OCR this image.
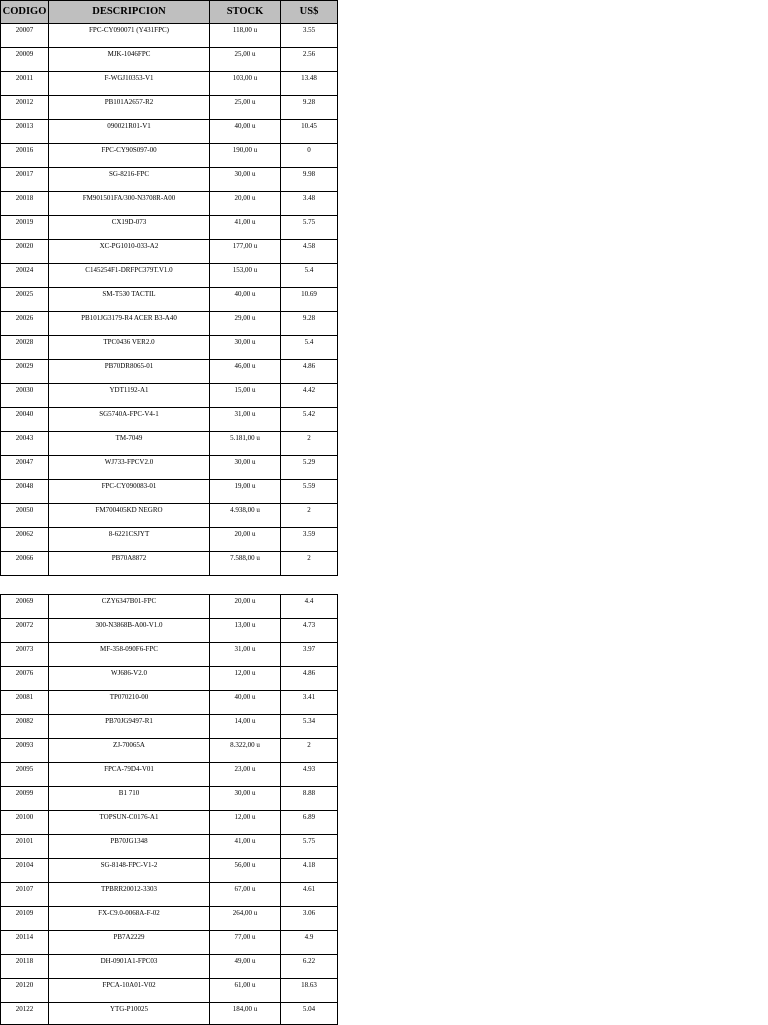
CODIGO	DESCRIPCION	STOCK	US$
20007	FPC-CY090071 (Y431FPC)	118,00 u	3.55
20009	MJK-1046FPC	25,00 u	2.56
20011	F-WGJ10353-V1	103,00 u	13.48
20012	PB101A2657-R2	25,00 u	9.28
20013	090021R01-V1	40,00 u	10.45
20016	FPC-CY90S097-00	190,00 u	0
20017	SG-8216-FPC	30,00 u	9.98
20018	FM901501FA/300-N3708R-A00	20,00 u	3.48
20019	CX19D-073	41,00 u	5.75
20020	XC-PG1010-033-A2	177,00 u	4.58
20024	C145254F1-DRFPC379T.V1.0	153,00 u	5.4
20025	SM-T530 TACTIL	40,00 u	10.69
20026	PB101JG3179-R4 ACER B3-A40	29,00 u	9.28
20028	TPC0436 VER2.0	30,00 u	5.4
20029	PB70DR8065-01	46,00 u	4.86
20030	YDT1192-A1	15,00 u	4.42
20040	SG5740A-FPC-V4-1	31,00 u	5.42
20043	TM-7049	5.181,00 u	2
20047	WJ733-FPCV2.0	30,00 u	5.29
20048	FPC-CY090083-01	19,00 u	5.59
20050	FM700405KD NEGRO	4.938,00 u	2
20062	8-6221CSJYT	20,00 u	3.59
20066	PB70A8872	7.588,00 u	2
20069	CZY6347B01-FPC	20,00 u	4.4
20072	300-N3868B-A00-V1.0	13,00 u	4.73
20073	MF-358-090F6-FPC	31,00 u	3.97
20076	WJ686-V2.0	12,00 u	4.86
20081	TP070210-00	40,00 u	3.41
20082	PB70JG9497-R1	14,00 u	5.34
20093	ZJ-70065A	8.322,00 u	2
20095	FPCA-79D4-V01	23,00 u	4.93
20099	B1 710	30,00 u	8.88
20100	TOPSUN-C0176-A1	12,00 u	6.89
20101	PB70JG1348	41,00 u	5.75
20104	SG-8148-FPC-V1-2	56,00 u	4.18
20107	TPBRR20012-3303	67,00 u	4.61
20109	FX-C9.0-0068A-F-02	264,00 u	3.06
20114	PB7A2229	77,00 u	4.9
20118	DH-0901A1-FPC03	49,00 u	6.22
20120	FPCA-10A01-V02	61,00 u	18.63
20122	YTG-P10025	184,00 u	5.04
